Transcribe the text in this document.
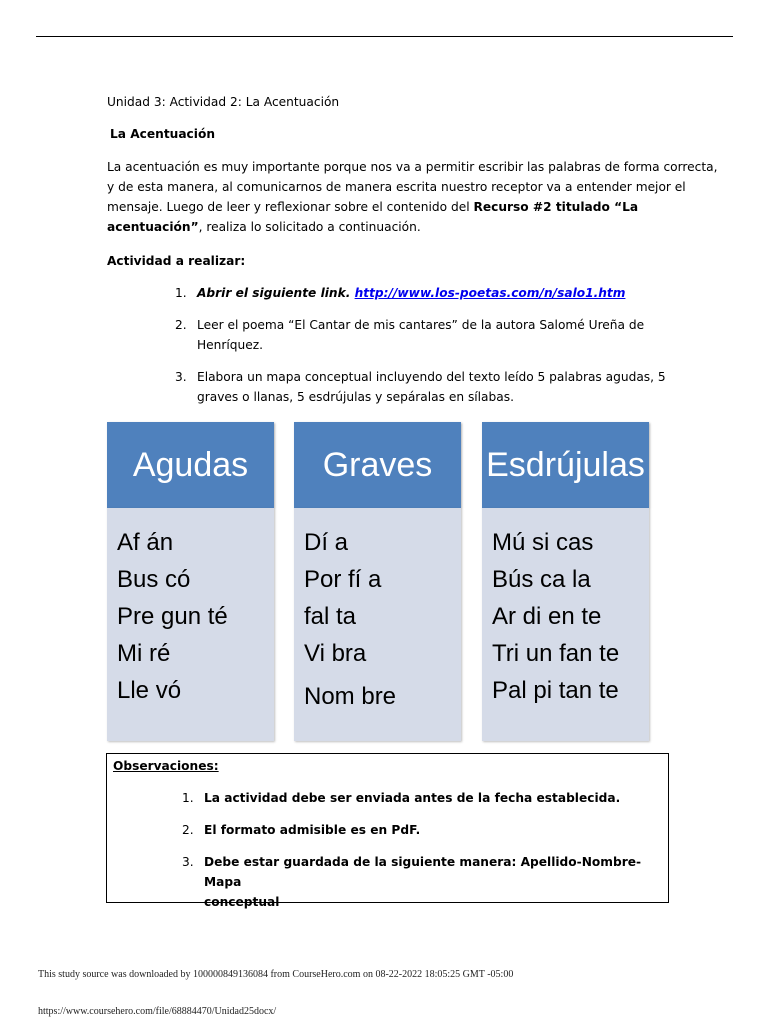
Unidad 3: Actividad 2: La Acentuación
La Acentuación
La acentuación es muy importante porque nos va a permitir escribir las palabras de forma correcta,
y de esta manera, al comunicarnos de manera escrita nuestro receptor va a entender mejor el
mensaje. Luego de leer y reflexionar sobre el contenido del Recurso #2 titulado “La
acentuación”, realiza lo solicitado a continuación.
Actividad a realizar:
1. Abrir el siguiente link. http://www.los-poetas.com/n/salo1.htm
2. Leer el poema “El Cantar de mis cantares” de la autora Salomé Ureña de
Henríquez.
3. Elabora un mapa conceptual incluyendo del texto leído 5 palabras agudas, 5
graves o llanas, 5 esdrújulas y sepáralas en sílabas.
Agudas
Af án
Bus có
Pre gun té
Mi ré
Lle vó
Graves
Dí a
Por fí a
fal ta
Vi bra
Nom bre
Esdrújulas
Mú si cas
Bús ca la
Ar di en te
Tri un fan te
Pal pi tan te
Observaciones:
1. La actividad debe ser enviada antes de la fecha establecida.
2. El formato admisible es en PdF.
3. Debe estar guardada de la siguiente manera: Apellido-Nombre-Mapa
conceptual
This study source was downloaded by 100000849136084 from CourseHero.com on 08-22-2022 18:05:25 GMT -05:00
https://www.coursehero.com/file/68884470/Unidad25docx/
